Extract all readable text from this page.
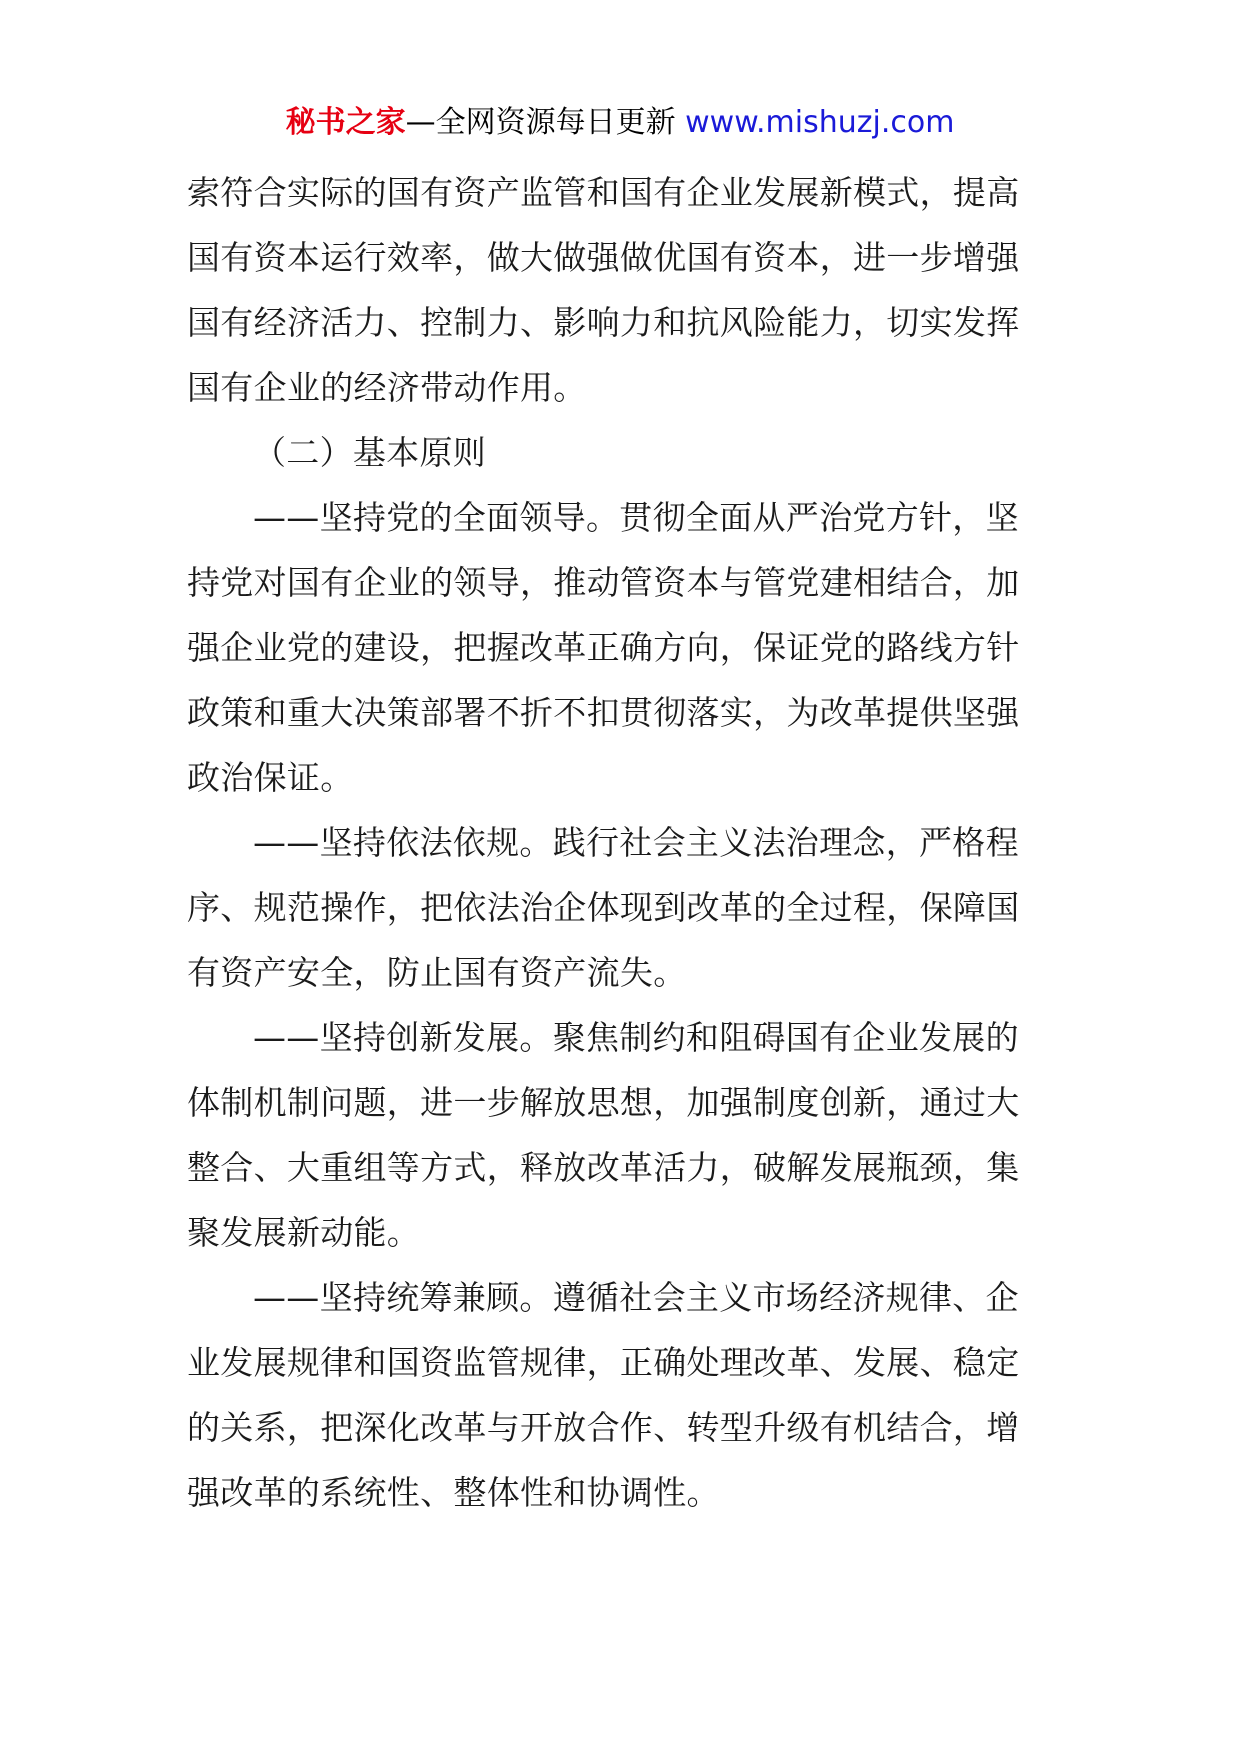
秘书之家—全网资源每日更新 www.mishuzj.com

索符合实际的国有资产监管和国有企业发展新模式，提高国有资本运行效率，做大做强做优国有资本，进一步增强国有经济活力、控制力、影响力和抗风险能力，切实发挥国有企业的经济带动作用。

（二）基本原则

——坚持党的全面领导。贯彻全面从严治党方针，坚持党对国有企业的领导，推动管资本与管党建相结合，加强企业党的建设，把握改革正确方向，保证党的路线方针政策和重大决策部署不折不扣贯彻落实，为改革提供坚强政治保证。

——坚持依法依规。践行社会主义法治理念，严格程序、规范操作，把依法治企体现到改革的全过程，保障国有资产安全，防止国有资产流失。

——坚持创新发展。聚焦制约和阻碍国有企业发展的体制机制问题，进一步解放思想，加强制度创新，通过大整合、大重组等方式，释放改革活力，破解发展瓶颈，集聚发展新动能。

——坚持统筹兼顾。遵循社会主义市场经济规律、企业发展规律和国资监管规律，正确处理改革、发展、稳定的关系，把深化改革与开放合作、转型升级有机结合，增强改革的系统性、整体性和协调性。
